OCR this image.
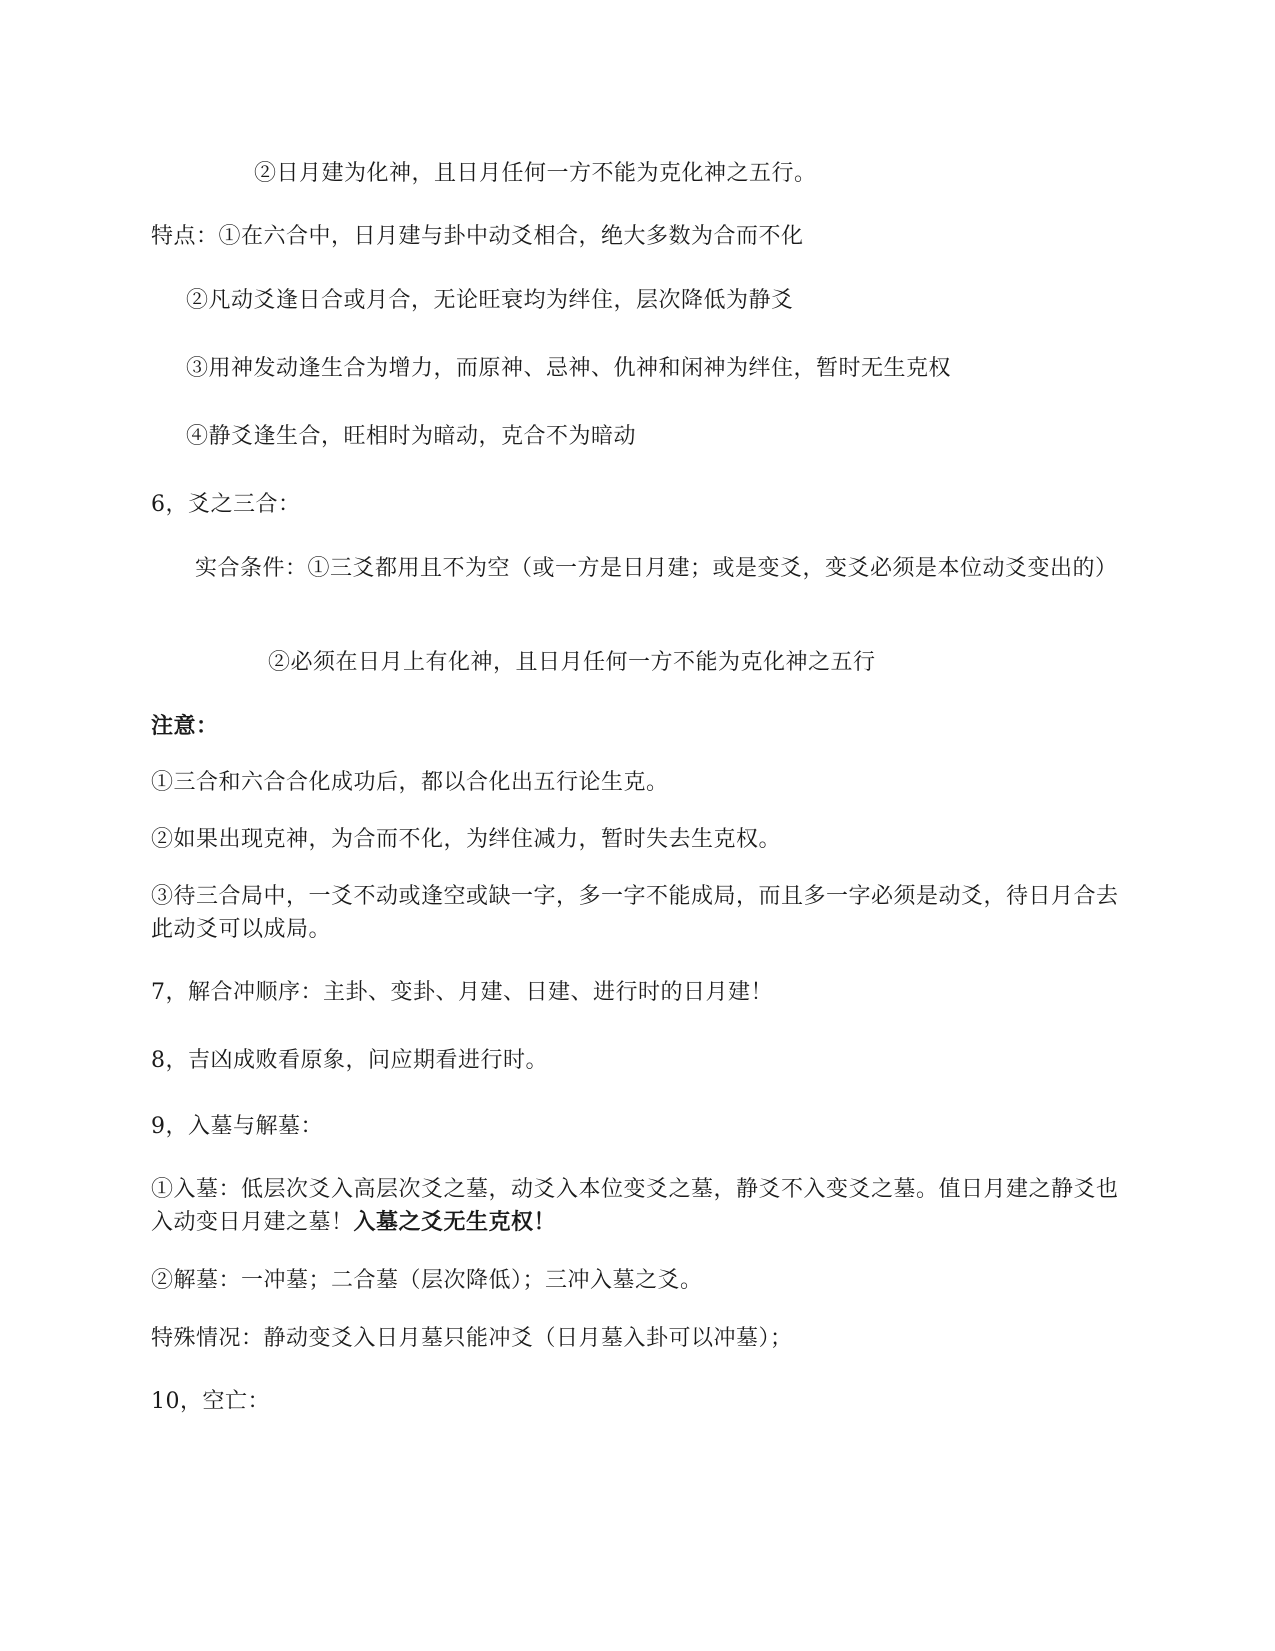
②日月建为化神，且日月任何一方不能为克化神之五行。
特点：①在六合中，日月建与卦中动爻相合，绝大多数为合而不化
②凡动爻逢日合或月合，无论旺衰均为绊住，层次降低为静爻
③用神发动逢生合为增力，而原神、忌神、仇神和闲神为绊住，暂时无生克权
④静爻逢生合，旺相时为暗动，克合不为暗动
6，爻之三合：
实合条件：①三爻都用且不为空（或一方是日月建；或是变爻，变爻必须是本位动爻变出的）
②必须在日月上有化神，且日月任何一方不能为克化神之五行
注意：
①三合和六合合化成功后，都以合化出五行论生克。
②如果出现克神，为合而不化，为绊住减力，暂时失去生克权。
③待三合局中，一爻不动或逢空或缺一字，多一字不能成局，而且多一字必须是动爻，待日月合去此动爻可以成局。
7，解合冲顺序：主卦、变卦、月建、日建、进行时的日月建！
8，吉凶成败看原象，问应期看进行时。
9，入墓与解墓：
①入墓：低层次爻入高层次爻之墓，动爻入本位变爻之墓，静爻不入变爻之墓。值日月建之静爻也入动变日月建之墓！入墓之爻无生克权！
②解墓：一冲墓；二合墓（层次降低）；三冲入墓之爻。
特殊情况：静动变爻入日月墓只能冲爻（日月墓入卦可以冲墓）；
10，空亡：
